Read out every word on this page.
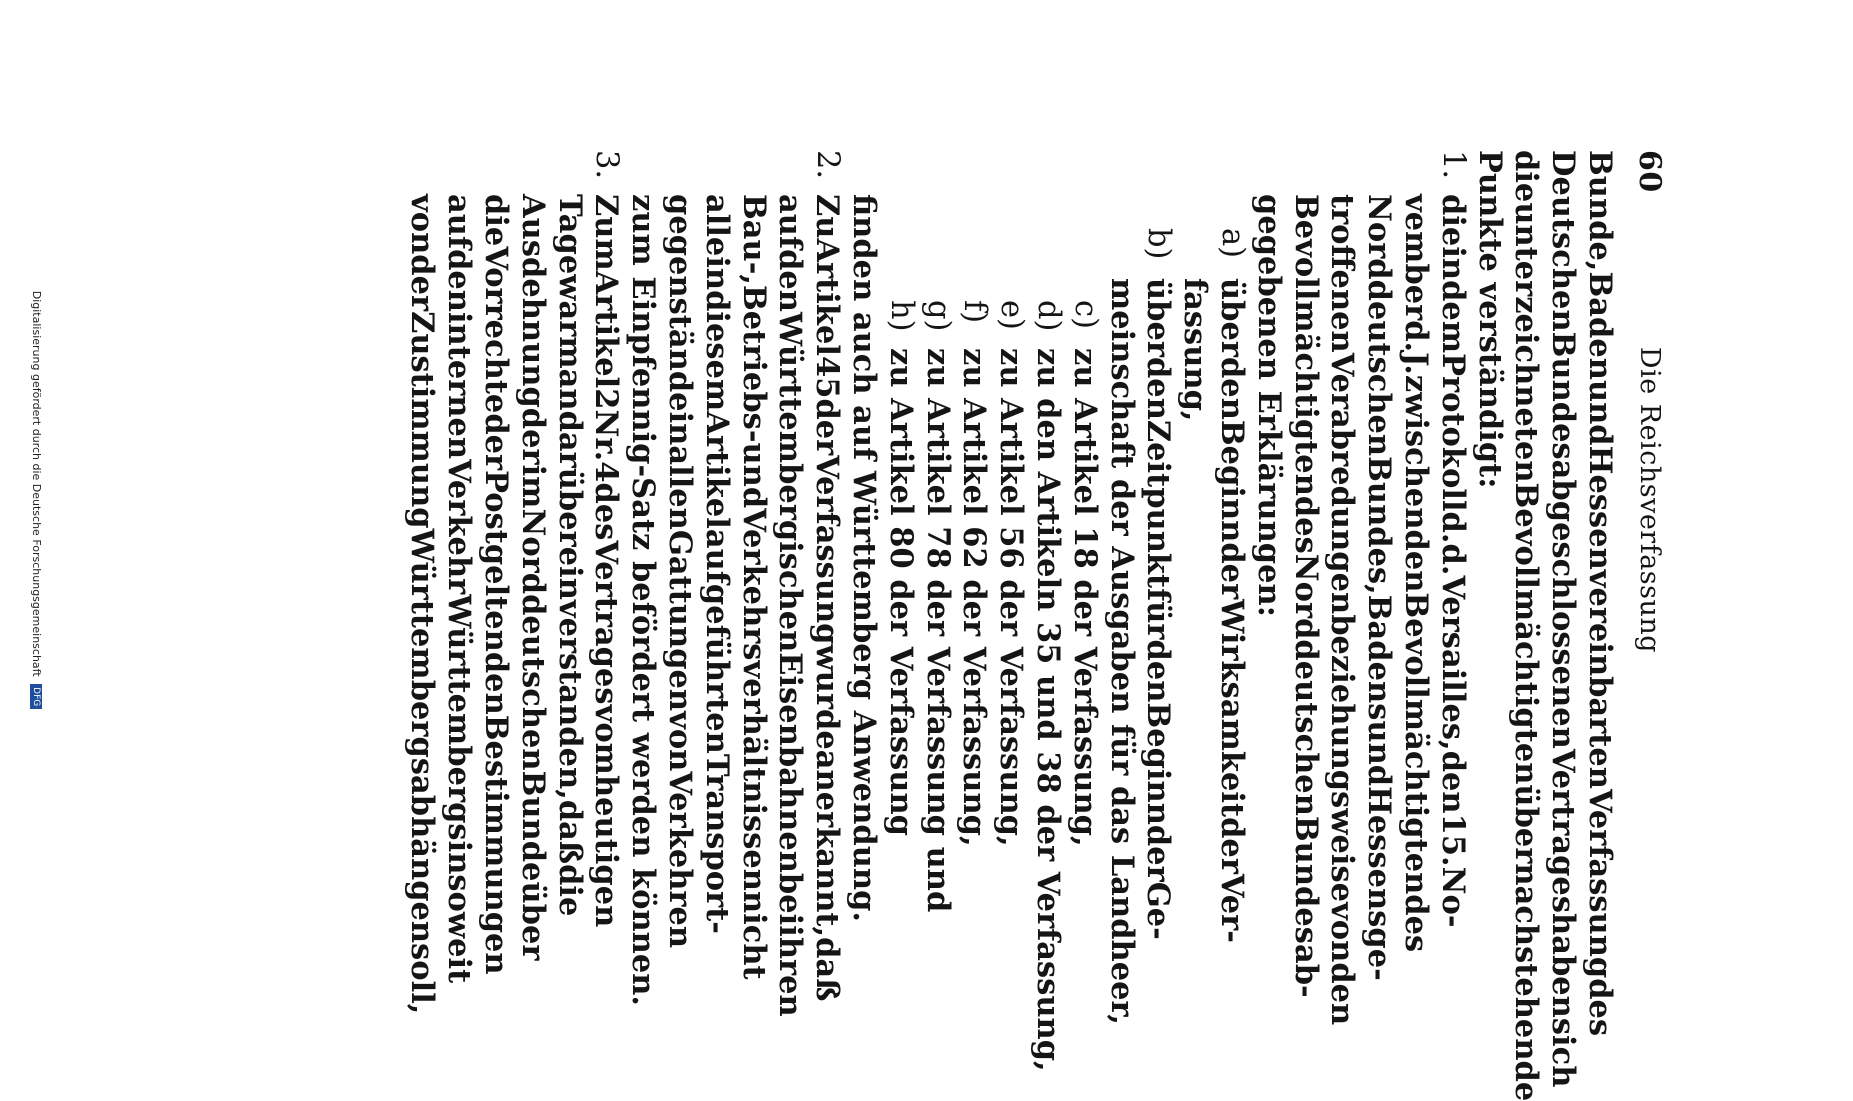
60
Die Reichsverfassung
Bunde,
Baden
und
Hessen
vereinbarten
Verfassung
des
Deutschen
Bundes
abgeschlossenen
Vertrages
haben
sich
die
unterzeichneten
Bevollmächtigten
über
nachstehende
Punkte verständigt:
1.
die
in
dem
Protokoll
d.
d.
Versailles,
den
15.
No-
vember
d.
J.
zwischen
den
Bevollmächtigten
des
Norddeutschen
Bundes,
Badens
und
Hessens
ge-
troffenen
Verabredungen
beziehungsweise
von
den
Bevollmächtigten
des
Norddeutschen
Bundes
ab-
gegebenen Erklärungen:
a)
über
den
Beginn
der
Wirksamkeit
der
Ver-
fassung,
b)
über
den
Zeitpunkt
für
den
Beginn
der
Ge-
meinschaft der Ausgaben für das Landheer,
c)
zu Artikel 18 der Verfassung,
d)
zu den Artikeln 35 und 38 der Verfassung,
e)
zu Artikel 56 der Verfassung,
f)
zu Artikel 62 der Verfassung,
g)
zu Artikel 78 der Verfassung und
h)
zu Artikel 80 der Verfassung
finden auch auf Württemberg Anwendung.
2.
Zu
Artikel
45
der
Verfassung
wurde
anerkannt,
daß
auf
den
Württembergischen
Eisenbahnen
bei
ihren
Bau-,
Betriebs-
und
Verkehrsverhältnissen
nicht
alle
in
diesem
Artikel
aufgeführten
Transport-
gegenstände
in
allen
Gattungen
von
Verkehren
zum Einpfennig-Satz befördert werden können.
3.
Zum
Artikel
2
Nr.
4
des
Vertrages
vom
heutigen
Tage
war
man
darüber
einverstanden,
daß
die
Ausdehnung
der
im
Norddeutschen
Bunde
über
die
Vorrechte
der
Post
geltenden
Bestimmungen
auf
den
internen
Verkehr
Württembergs
insoweit
von
der
Zustimmung
Württembergs
abhängen
soll,
Digitalisierung gefördert durch die Deutsche Forschungsgemeinschaft DFG
